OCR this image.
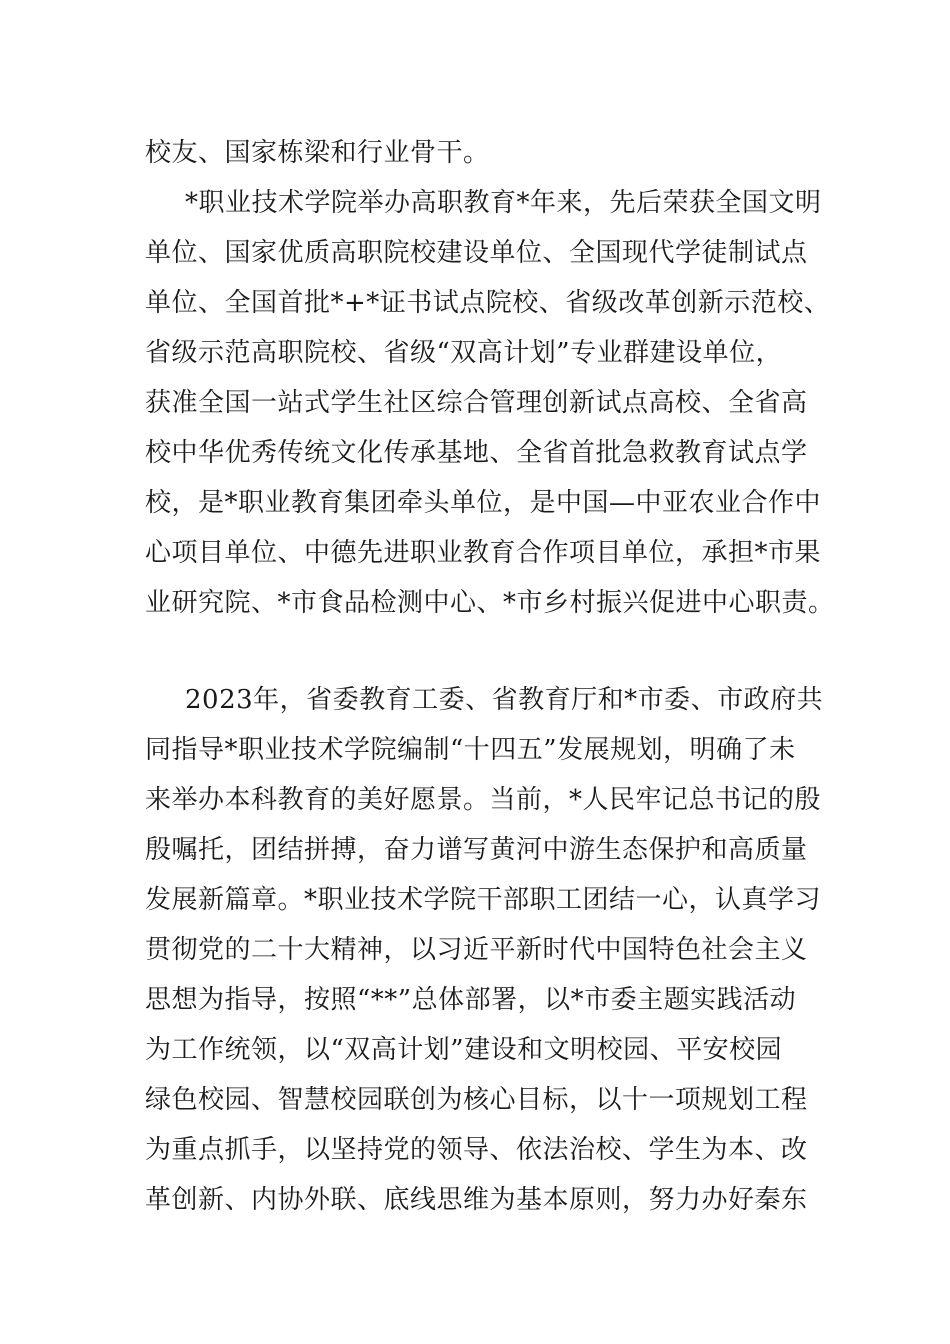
校友、国家栋梁和行业骨干。
*职业技术学院举办高职教育*年来，先后荣获全国文明
单位、国家优质高职院校建设单位、全国现代学徒制试点
单位、全国首批*+*证书试点院校、省级改革创新示范校、
省级示范高职院校、省级“双高计划”专业群建设单位，
获准全国一站式学生社区综合管理创新试点高校、全省高
校中华优秀传统文化传承基地、全省首批急救教育试点学
校，是*职业教育集团牵头单位，是中国—中亚农业合作中
心项目单位、中德先进职业教育合作项目单位，承担*市果
业研究院、*市食品检测中心、*市乡村振兴促进中心职责。
2023年，省委教育工委、省教育厅和*市委、市政府共
同指导*职业技术学院编制“十四五”发展规划，明确了未
来举办本科教育的美好愿景。当前，*人民牢记总书记的殷
殷嘱托，团结拼搏，奋力谱写黄河中游生态保护和高质量
发展新篇章。*职业技术学院干部职工团结一心，认真学习
贯彻党的二十大精神，以习近平新时代中国特色社会主义
思想为指导，按照“**”总体部署，以*市委主题实践活动
为工作统领，以“双高计划”建设和文明校园、平安校园
绿色校园、智慧校园联创为核心目标，以十一项规划工程
为重点抓手，以坚持党的领导、依法治校、学生为本、改
革创新、内协外联、底线思维为基本原则，努力办好秦东
